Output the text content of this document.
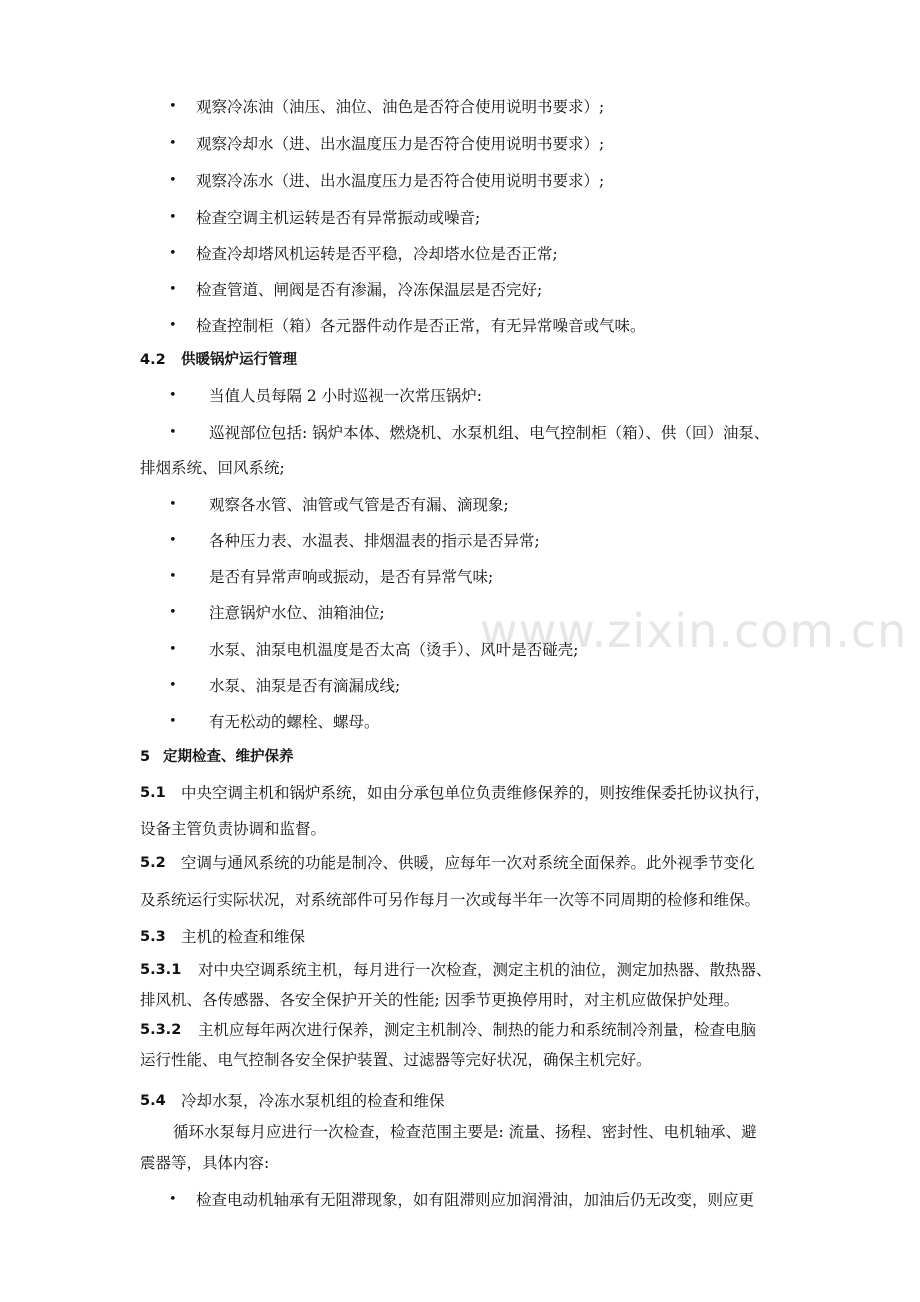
www.zixin.com.cn
• 观察冷冻油（油压、油位、油色是否符合使用说明书要求）;
• 观察冷却水（进、出水温度压力是否符合使用说明书要求）;
• 观察冷冻水（进、出水温度压力是否符合使用说明书要求）;
• 检查空调主机运转是否有异常振动或噪音;
• 检查冷却塔风机运转是否平稳，冷却塔水位是否正常;
• 检查管道、闸阀是否有渗漏，冷冻保温层是否完好;
• 检查控制柜（箱）各元器件动作是否正常，有无异常噪音或气味。
4.2 供暖锅炉运行管理
• 当值人员每隔 2 小时巡视一次常压锅炉:
• 巡视部位包括: 锅炉本体、燃烧机、水泵机组、电气控制柜（箱）、供（回）油泵、
排烟系统、回风系统;
• 观察各水管、油管或气管是否有漏、滴现象;
• 各种压力表、水温表、排烟温表的指示是否异常;
• 是否有异常声响或振动，是否有异常气味;
• 注意锅炉水位、油箱油位;
• 水泵、油泵电机温度是否太高（烫手）、风叶是否碰壳;
• 水泵、油泵是否有滴漏成线;
• 有无松动的螺栓、螺母。
5 定期检查、维护保养
5.1 中央空调主机和锅炉系统，如由分承包单位负责维修保养的，则按维保委托协议执行，
设备主管负责协调和监督。
5.2 空调与通风系统的功能是制冷、供暖，应每年一次对系统全面保养。此外视季节变化
及系统运行实际状况，对系统部件可另作每月一次或每半年一次等不同周期的检修和维保。
5.3 主机的检查和维保
5.3.1 对中央空调系统主机，每月进行一次检查，测定主机的油位，测定加热器、散热器、
排风机、各传感器、各安全保护开关的性能; 因季节更换停用时，对主机应做保护处理。
5.3.2 主机应每年两次进行保养，测定主机制冷、制热的能力和系统制冷剂量，检查电脑
运行性能、电气控制各安全保护装置、过滤器等完好状况，确保主机完好。
5.4 冷却水泵，冷冻水泵机组的检查和维保
循环水泵每月应进行一次检查，检查范围主要是: 流量、扬程、密封性、电机轴承、避
震器等，具体内容:
• 检查电动机轴承有无阻滞现象，如有阻滞则应加润滑油，加油后仍无改变，则应更
